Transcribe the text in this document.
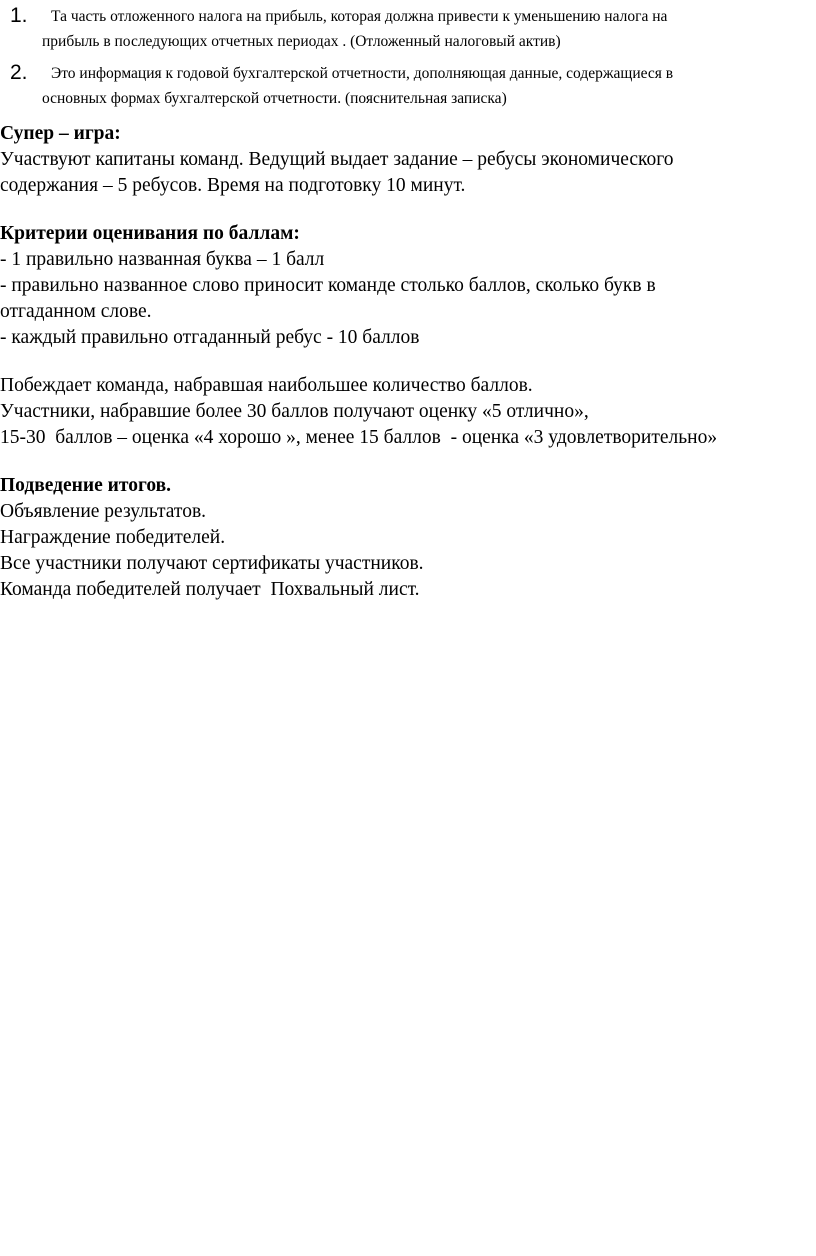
1.	Та часть отложенного налога на прибыль, которая должна привести к уменьшению налога на
прибыль в последующих отчетных периодах . (Отложенный налоговый актив)
2.	Это информация к годовой бухгалтерской отчетности, дополняющая данные, содержащиеся в
основных формах бухгалтерской отчетности. (пояснительная записка)
Супер – игра:
Участвуют капитаны команд. Ведущий выдает задание – ребусы экономического
содержания – 5 ребусов. Время на подготовку 10 минут.
Критерии оценивания по баллам:
- 1 правильно названная буква – 1 балл
- правильно названное слово приносит команде столько баллов, сколько букв в
отгаданном слове.
- каждый правильно отгаданный ребус - 10 баллов
Побеждает команда, набравшая наибольшее количество баллов.
Участники, набравшие более 30 баллов получают оценку «5 отлично»,
15-30  баллов – оценка «4 хорошо », менее 15 баллов  - оценка «3 удовлетворительно»
Подведение итогов.
Объявление результатов.
Награждение победителей.
Все участники получают сертификаты участников.
Команда победителей получает  Похвальный лист.
